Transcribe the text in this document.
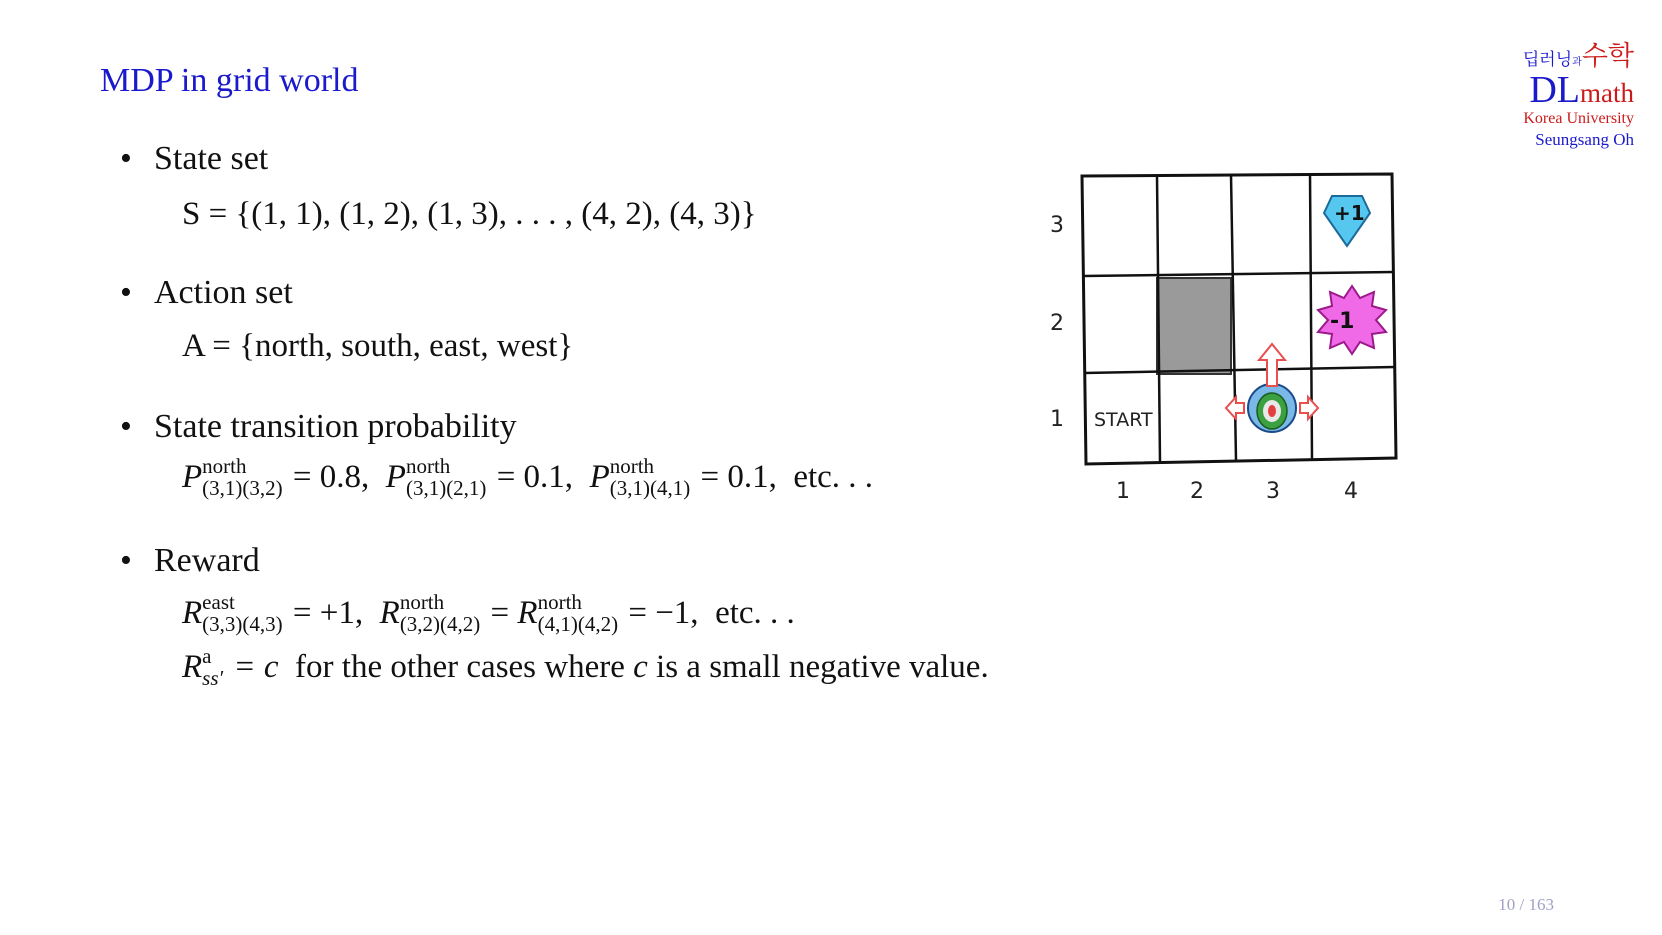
MDP in grid world
딥러닝과수학
DLmath
Korea University
Seungsang Oh
• State set
S = {(1, 1), (1, 2), (1, 3), . . . , (4, 2), (4, 3)}
• Action set
A = {north, south, east, west}
• State transition probability
P north
(3,1)(3,2) = 0.8, P north
(3,1)(2,1) = 0.1, P north
(3,1)(4,1) = 0.1, etc. . .
• Reward
R east
(3,3)(4,3) = +1, R north
(3,2)(4,2) = R north
(4,1)(4,2) = −1, etc. . .
R a
ss′ = c for the other cases where c is a small negative value.
3
2
1
1	2	3	4
START
+1
-1
10 / 163
